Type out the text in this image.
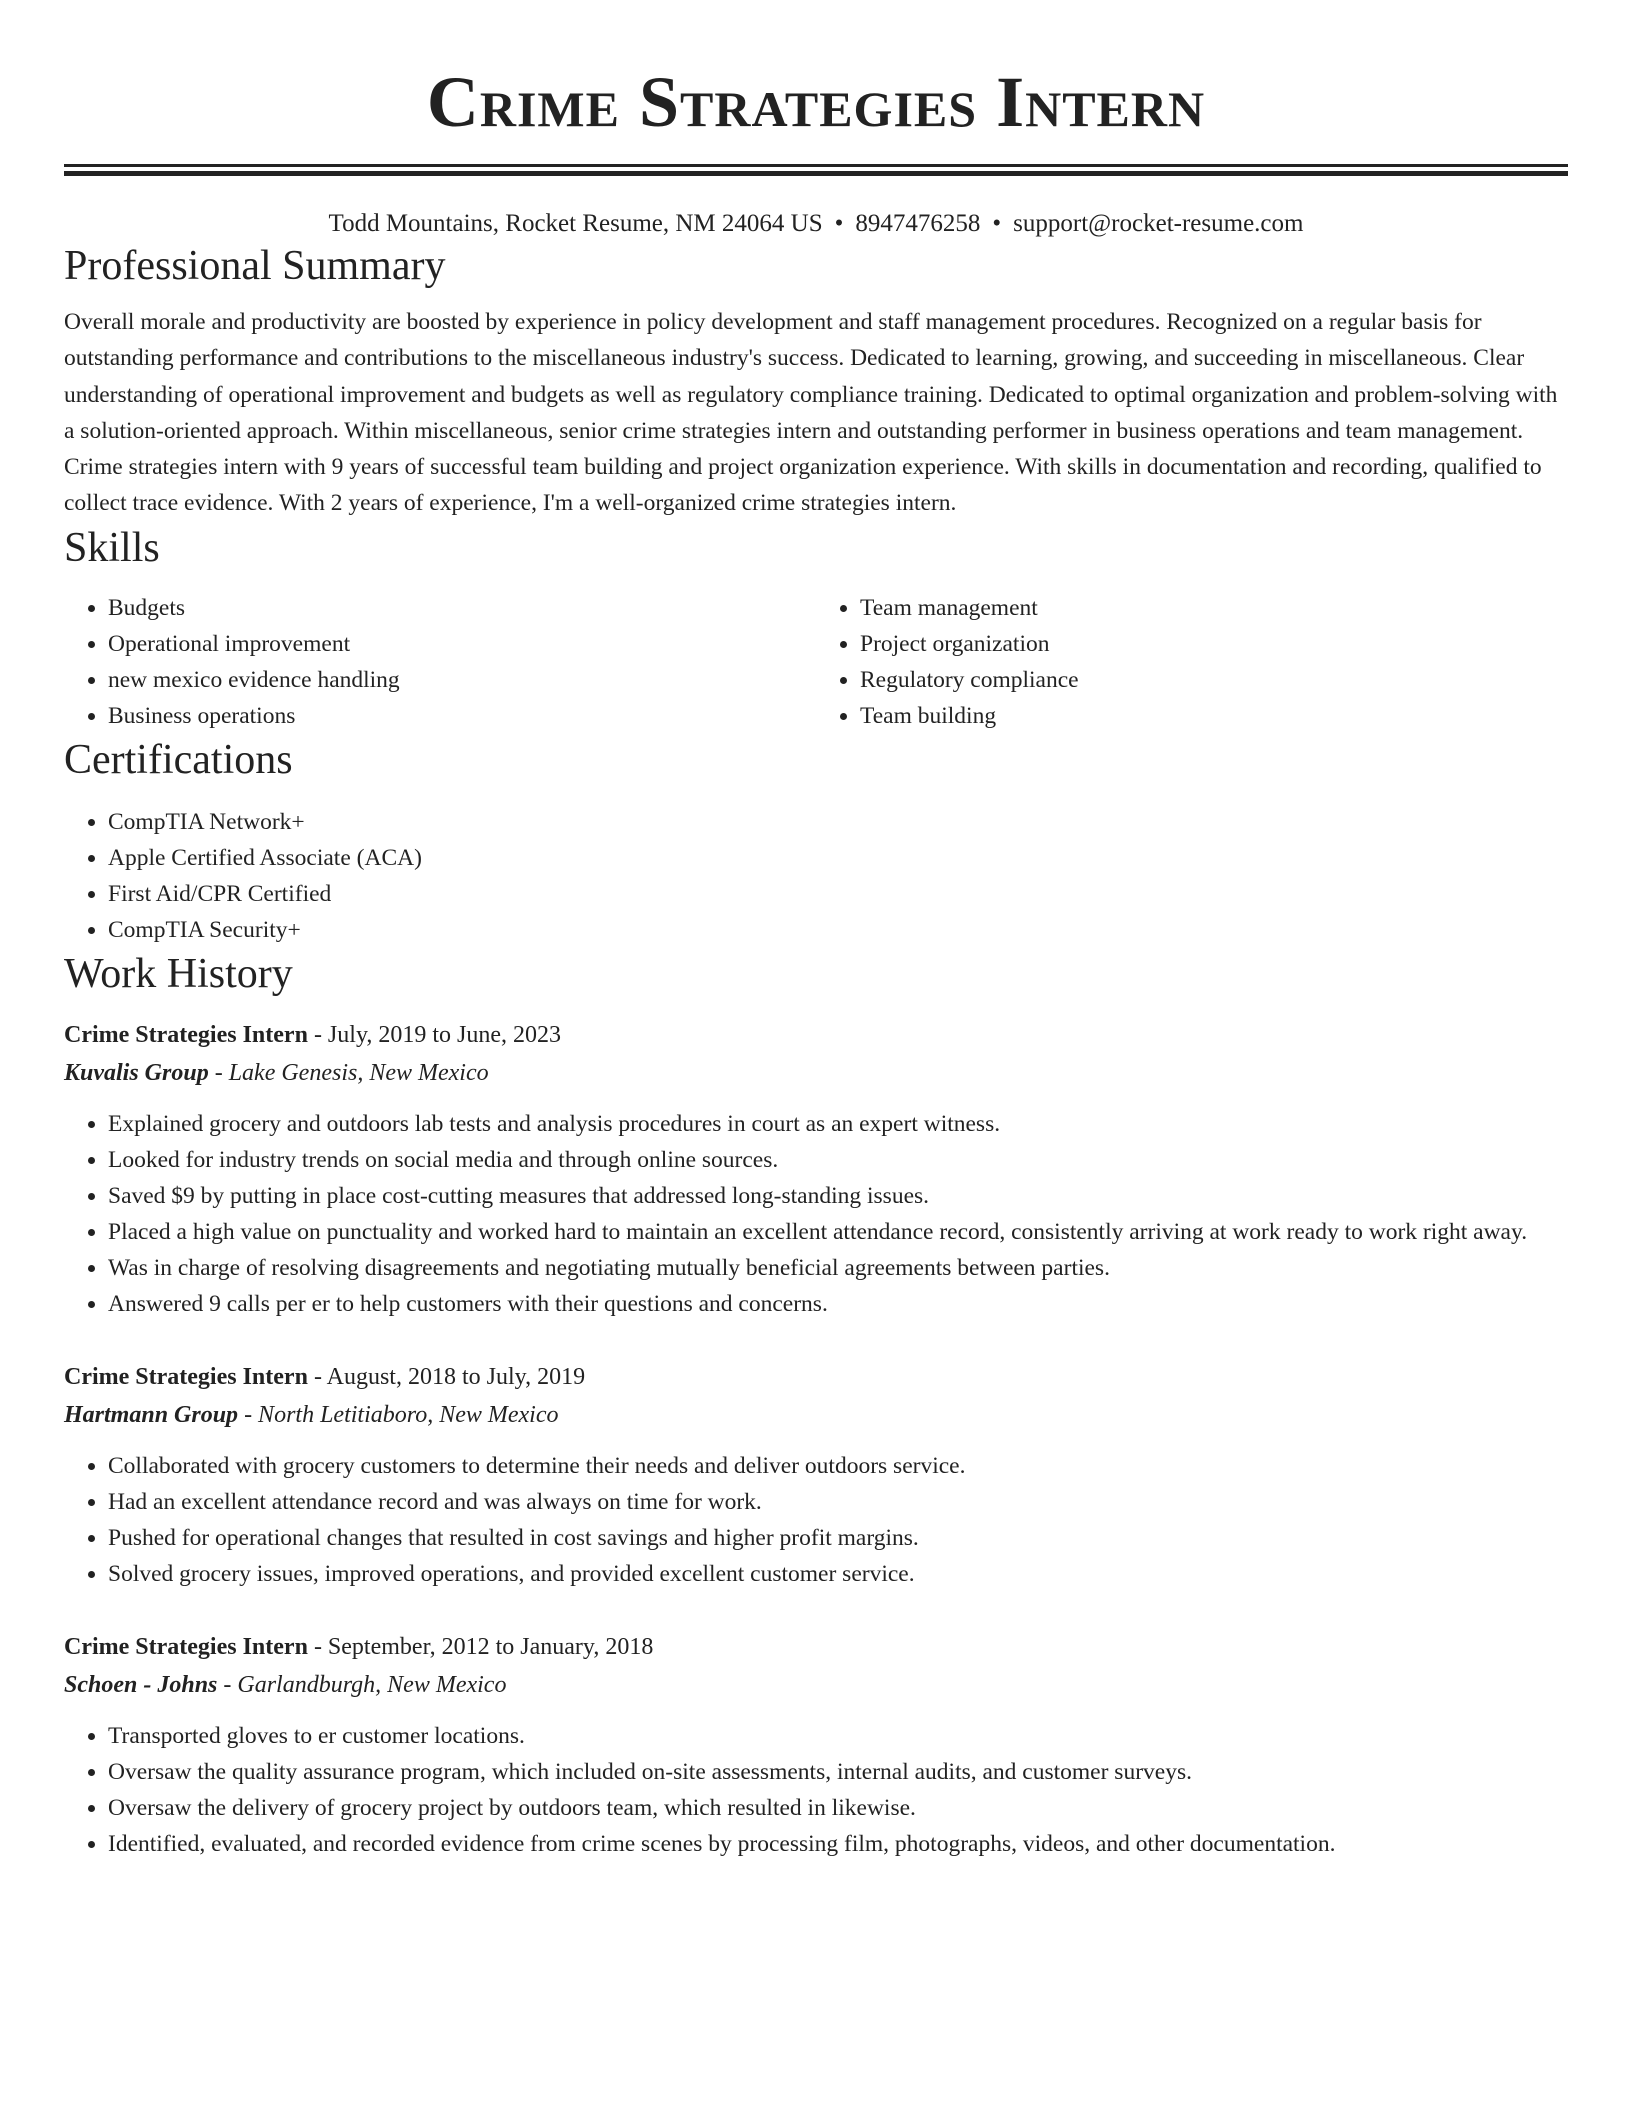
Crime Strategies Intern
Todd Mountains, Rocket Resume, NM 24064 US • 8947476258 • support@rocket-resume.com
Professional Summary

Overall morale and productivity are boosted by experience in policy development and staff management procedures. Recognized on a regular basis for outstanding performance and contributions to the miscellaneous industry's success. Dedicated to learning, growing, and succeeding in miscellaneous. Clear understanding of operational improvement and budgets as well as regulatory compliance training. Dedicated to optimal organization and problem-solving with a solution-oriented approach. Within miscellaneous, senior crime strategies intern and outstanding performer in business operations and team management. Crime strategies intern with 9 years of successful team building and project organization experience. With skills in documentation and recording, qualified to collect trace evidence. With 2 years of experience, I'm a well-organized crime strategies intern.

Skills
• Budgets
• Operational improvement
• new mexico evidence handling
• Business operations
• Team management
• Project organization
• Regulatory compliance
• Team building
Certifications
• CompTIA Network+
• Apple Certified Associate (ACA)
• First Aid/CPR Certified
• CompTIA Security+
Work History
Crime Strategies Intern - July, 2019 to June, 2023
Kuvalis Group - Lake Genesis, New Mexico
• Explained grocery and outdoors lab tests and analysis procedures in court as an expert witness.
• Looked for industry trends on social media and through online sources.
• Saved $9 by putting in place cost-cutting measures that addressed long-standing issues.
• Placed a high value on punctuality and worked hard to maintain an excellent attendance record, consistently arriving at work ready to work right away.
• Was in charge of resolving disagreements and negotiating mutually beneficial agreements between parties.
• Answered 9 calls per er to help customers with their questions and concerns.
Crime Strategies Intern - August, 2018 to July, 2019
Hartmann Group - North Letitiaboro, New Mexico
• Collaborated with grocery customers to determine their needs and deliver outdoors service.
• Had an excellent attendance record and was always on time for work.
• Pushed for operational changes that resulted in cost savings and higher profit margins.
• Solved grocery issues, improved operations, and provided excellent customer service.
Crime Strategies Intern - September, 2012 to January, 2018
Schoen - Johns - Garlandburgh, New Mexico
• Transported gloves to er customer locations.
• Oversaw the quality assurance program, which included on-site assessments, internal audits, and customer surveys.
• Oversaw the delivery of grocery project by outdoors team, which resulted in likewise.
• Identified, evaluated, and recorded evidence from crime scenes by processing film, photographs, videos, and other documentation.
